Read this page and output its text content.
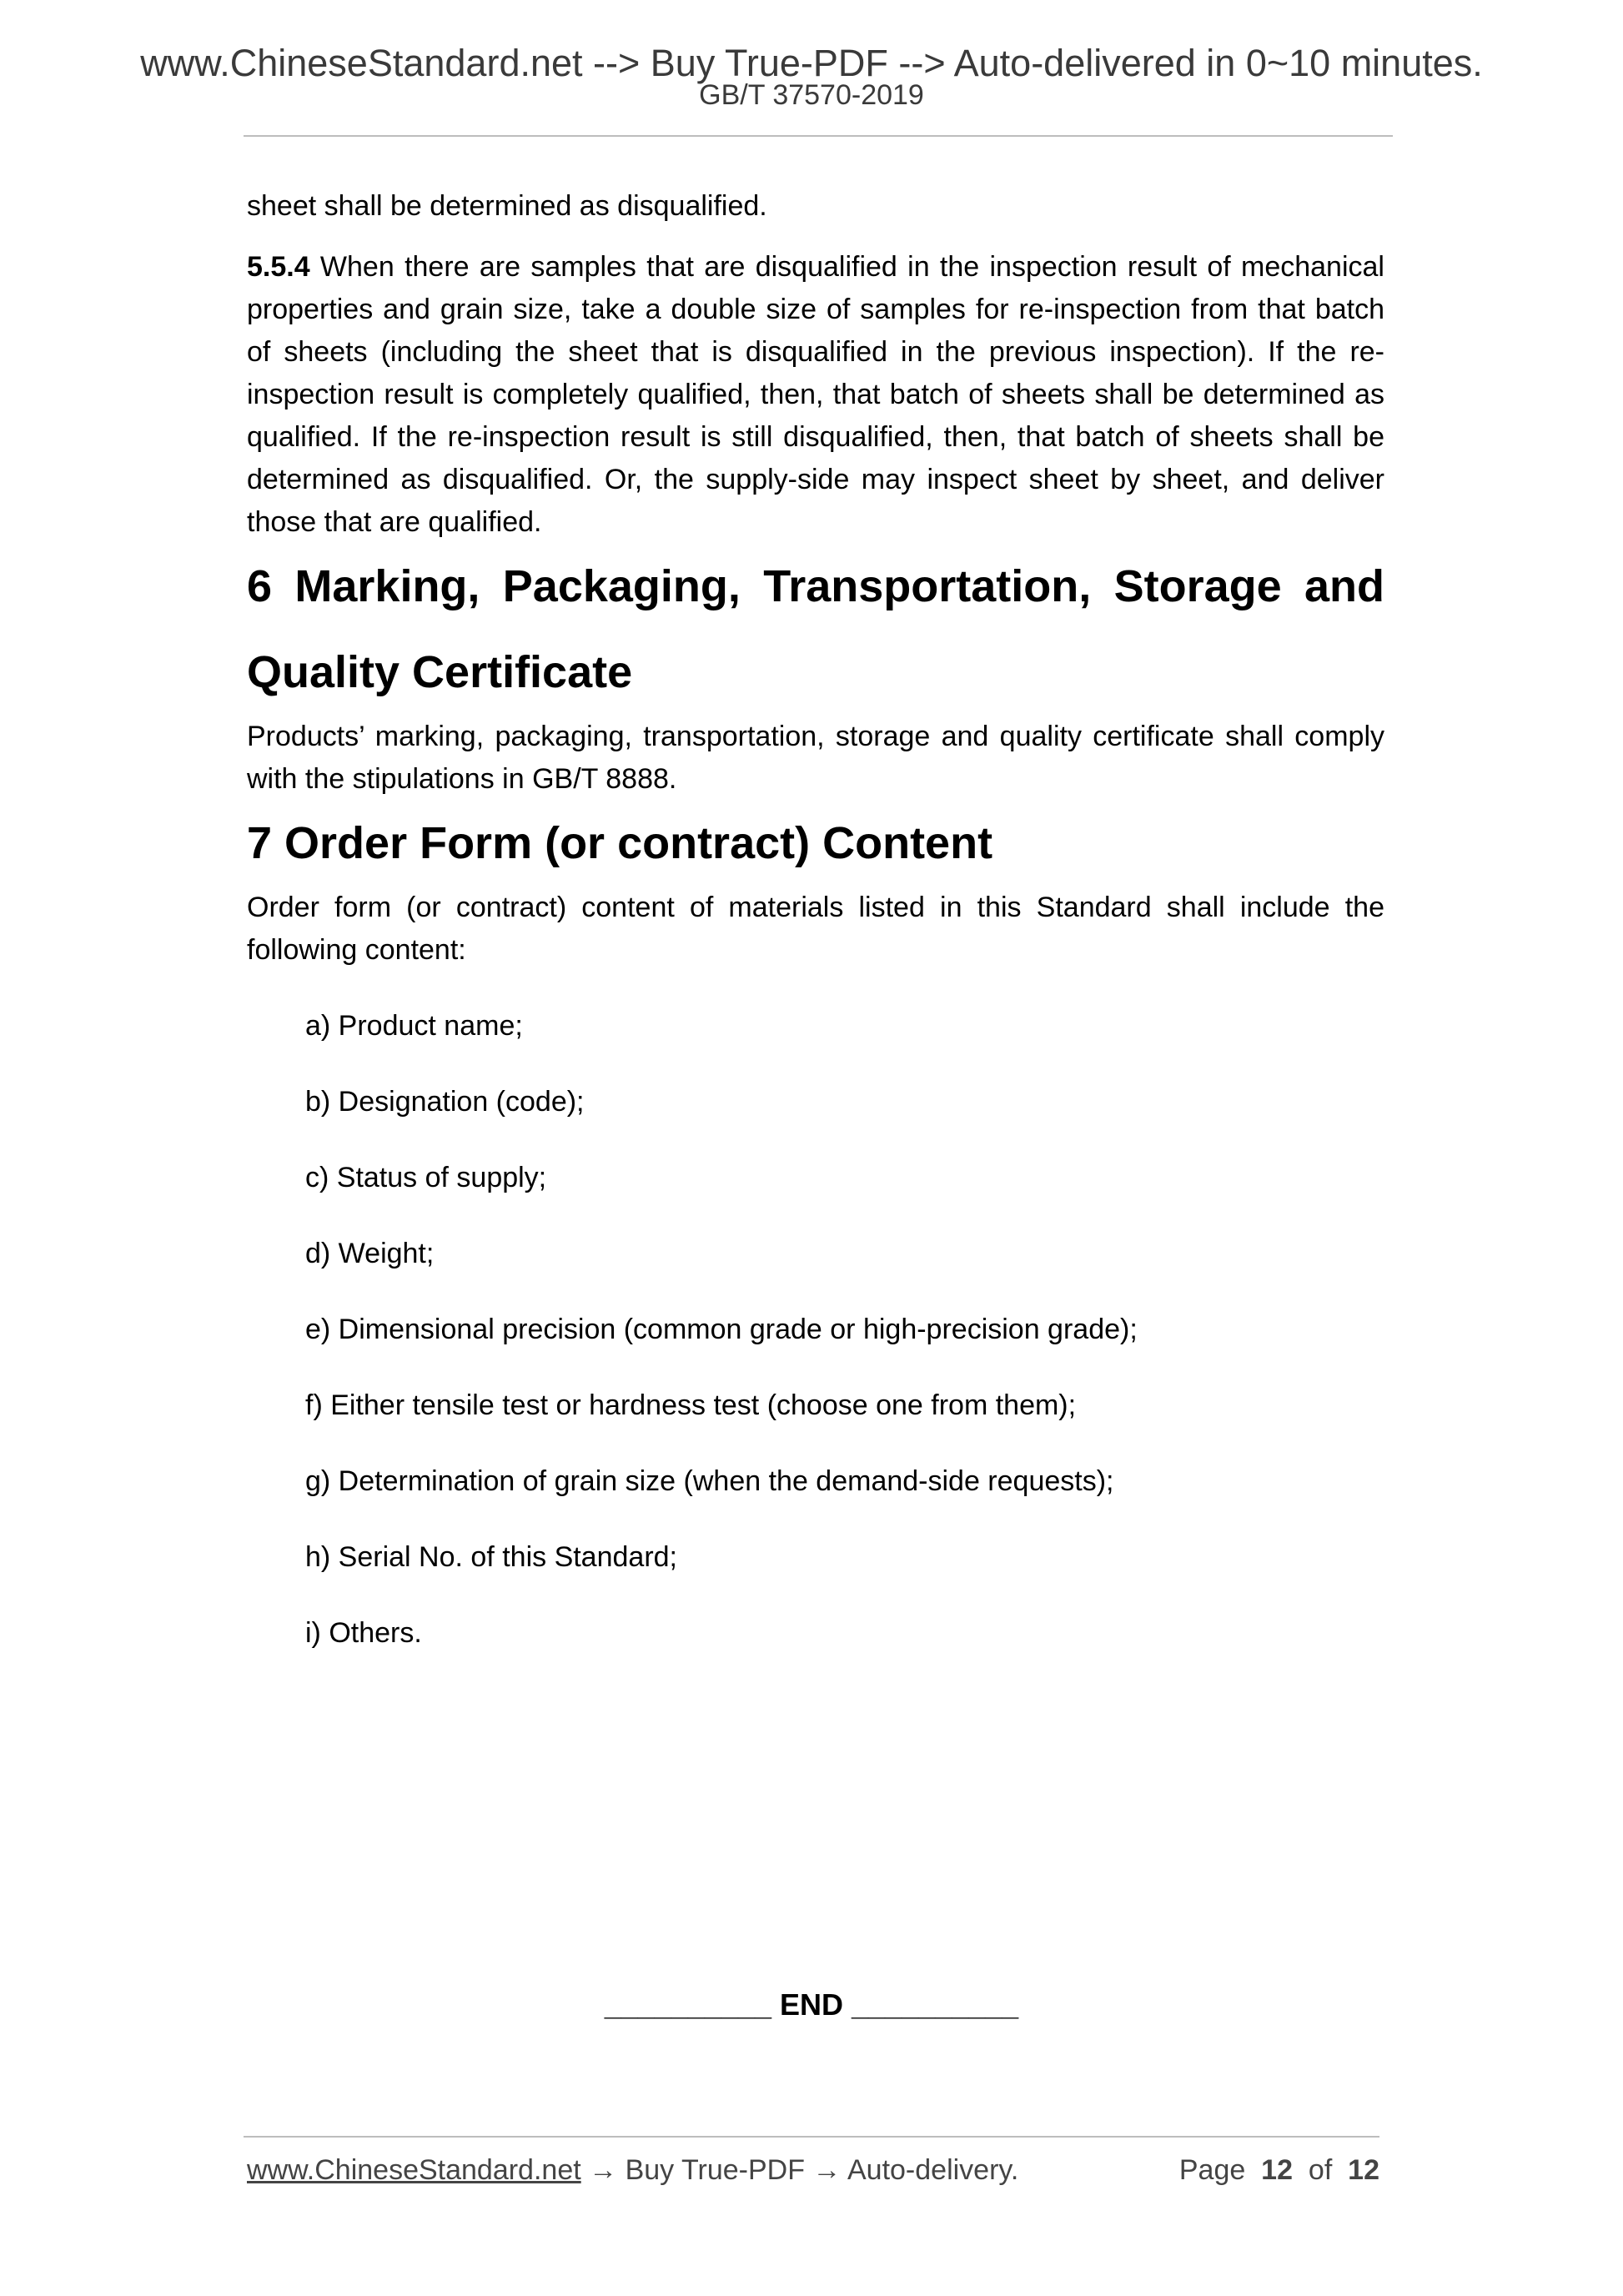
www.ChineseStandard.net --> Buy True-PDF --> Auto-delivered in 0~10 minutes.
GB/T 37570-2019

sheet shall be determined as disqualified.

5.5.4 When there are samples that are disqualified in the inspection result of mechanical properties and grain size, take a double size of samples for re-inspection from that batch of sheets (including the sheet that is disqualified in the previous inspection). If the re-inspection result is completely qualified, then, that batch of sheets shall be determined as qualified. If the re-inspection result is still disqualified, then, that batch of sheets shall be determined as disqualified. Or, the supply-side may inspect sheet by sheet, and deliver those that are qualified.

6 Marking, Packaging, Transportation, Storage and Quality Certificate

Products’ marking, packaging, transportation, storage and quality certificate shall comply with the stipulations in GB/T 8888.

7 Order Form (or contract) Content

Order form (or contract) content of materials listed in this Standard shall include the following content:

a) Product name;
b) Designation (code);
c) Status of supply;
d) Weight;
e) Dimensional precision (common grade or high-precision grade);
f) Either tensile test or hardness test (choose one from them);
g) Determination of grain size (when the demand-side requests);
h) Serial No. of this Standard;
i) Others.
__________ END __________
www.ChineseStandard.net → Buy True-PDF → Auto-delivery.	Page 12 of 12
